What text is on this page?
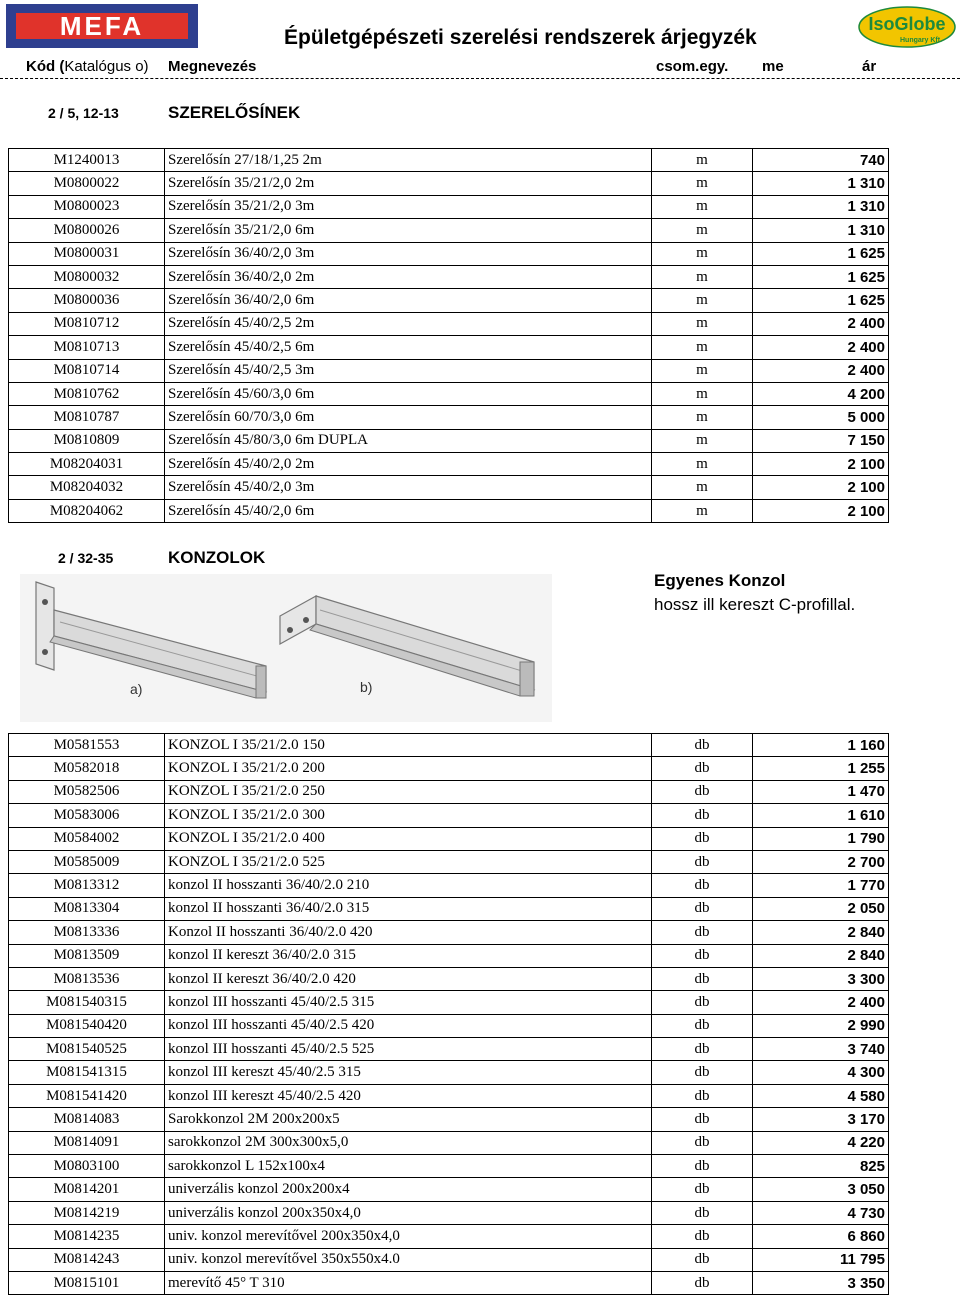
MEFA	Épületgépészeti szerelési rendszerek árjegyzék
IsoGlobe
Hungary Kft.
Kód (Katalógus o) Megnevezés	csom.egy. me	ár
2 / 5, 12-13	SZERELŐSÍNEK
M1240013	Szerelősín 27/18/1,25 2m	m	740
M0800022	Szerelősín 35/21/2,0 2m	m	1 310
M0800023	Szerelősín 35/21/2,0 3m	m	1 310
M0800026	Szerelősín 35/21/2,0 6m	m	1 310
M0800031	Szerelősín 36/40/2,0 3m	m	1 625
M0800032	Szerelősín 36/40/2,0 2m	m	1 625
M0800036	Szerelősín 36/40/2,0 6m	m	1 625
M0810712	Szerelősín 45/40/2,5 2m	m	2 400
M0810713	Szerelősín 45/40/2,5 6m	m	2 400
M0810714	Szerelősín 45/40/2,5 3m	m	2 400
M0810762	Szerelősín 45/60/3,0 6m	m	4 200
M0810787	Szerelősín 60/70/3,0 6m	m	5 000
M0810809	Szerelősín 45/80/3,0 6m DUPLA	m	7 150
M08204031	Szerelősín 45/40/2,0 2m	m	2 100
M08204032	Szerelősín 45/40/2,0 3m	m	2 100
M08204062	Szerelősín 45/40/2,0 6m	m	2 100
2 / 32-35	KONZOLOK
Egyenes Konzol
hossz ill kereszt C-profillal.
a)	b)
M0581553	KONZOL I 35/21/2.0 150	db	1 160
M0582018	KONZOL I 35/21/2.0 200	db	1 255
M0582506	KONZOL I 35/21/2.0 250	db	1 470
M0583006	KONZOL I 35/21/2.0 300	db	1 610
M0584002	KONZOL I 35/21/2.0 400	db	1 790
M0585009	KONZOL I 35/21/2.0 525	db	2 700
M0813312	konzol II hosszanti 36/40/2.0 210	db	1 770
M0813304	konzol II hosszanti 36/40/2.0 315	db	2 050
M0813336	Konzol II hosszanti 36/40/2.0 420	db	2 840
M0813509	konzol II kereszt 36/40/2.0 315	db	2 840
M0813536	konzol II kereszt 36/40/2.0 420	db	3 300
M081540315	konzol III hosszanti 45/40/2.5 315	db	2 400
M081540420	konzol III hosszanti 45/40/2.5 420	db	2 990
M081540525	konzol III hosszanti 45/40/2.5 525	db	3 740
M081541315	konzol III kereszt 45/40/2.5 315	db	4 300
M081541420	konzol III kereszt 45/40/2.5 420	db	4 580
M0814083	Sarokkonzol 2M 200x200x5	db	3 170
M0814091	sarokkonzol 2M 300x300x5,0	db	4 220
M0803100	sarokkonzol L 152x100x4	db	825
M0814201	univerzális konzol 200x200x4	db	3 050
M0814219	univerzális konzol 200x350x4,0	db	4 730
M0814235	univ. konzol merevítővel 200x350x4,0	db	6 860
M0814243	univ. konzol merevítővel 350x550x4.0	db	11 795
M0815101	merevítő 45° T 310	db	3 350
